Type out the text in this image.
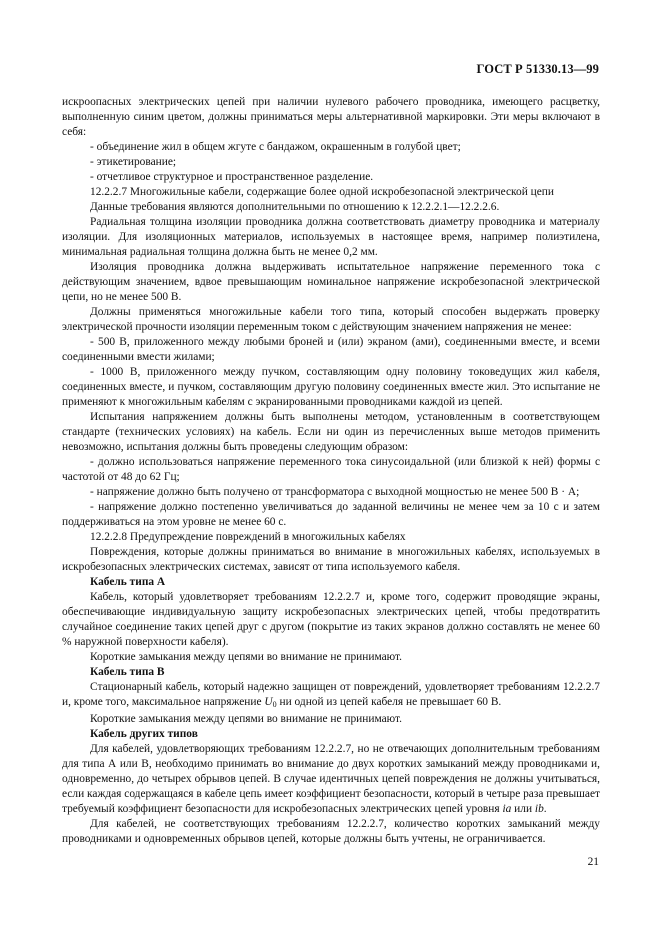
ГОСТ Р 51330.13—99

искроопасных электрических цепей при наличии нулевого рабочего проводника, имеющего расцветку, выполненную синим цветом, должны приниматься меры альтернативной маркировки. Эти меры включают в себя:

- объединение жил в общем жгуте с бандажом, окрашенным в голубой цвет;

- этикетирование;

- отчетливое структурное и пространственное разделение.

12.2.2.7 Многожильные кабели, содержащие более одной искробезопасной электрической цепи

Данные требования являются дополнительными по отношению к 12.2.2.1—12.2.2.6.

Радиальная толщина изоляции проводника должна соответствовать диаметру проводника и материалу изоляции. Для изоляционных материалов, используемых в настоящее время, например полиэтилена, минимальная радиальная толщина должна быть не менее 0,2 мм.

Изоляция проводника должна выдерживать испытательное напряжение переменного тока с действующим значением, вдвое превышающим номинальное напряжение искробезопасной электрической цепи, но не менее 500 В.

Должны применяться многожильные кабели того типа, который способен выдержать проверку электрической прочности изоляции переменным током с действующим значением напряжения не менее:

- 500 В, приложенного между любыми броней и (или) экраном (ами), соединенными вместе, и всеми соединенными вмести жилами;

- 1000 В, приложенного между пучком, составляющим одну половину токоведущих жил кабеля, соединенных вместе, и пучком, составляющим другую половину соединенных вместе жил. Это испытание не применяют к многожильным кабелям с экранированными проводниками каждой из цепей.

Испытания напряжением должны быть выполнены методом, установленным в соответствующем стандарте (технических условиях) на кабель. Если ни один из перечисленных выше методов применить невозможно, испытания должны быть проведены следующим образом:

- должно использоваться напряжение переменного тока синусоидальной (или близкой к ней) формы с частотой от 48 до 62 Гц;

- напряжение должно быть получено от трансформатора с выходной мощностью не менее 500 В · А;

- напряжение должно постепенно увеличиваться до заданной величины не менее чем за 10 с и затем поддерживаться на этом уровне не менее 60 с.

12.2.2.8 Предупреждение повреждений в многожильных кабелях

Повреждения, которые должны приниматься во внимание в многожильных кабелях, используемых в искробезопасных электрических системах, зависят от типа используемого кабеля.

Кабель типа А

Кабель, который удовлетворяет требованиям 12.2.2.7 и, кроме того, содержит проводящие экраны, обеспечивающие индивидуальную защиту искробезопасных электрических цепей, чтобы предотвратить случайное соединение таких цепей друг с другом (покрытие из таких экранов должно составлять не менее 60 % наружной поверхности кабеля).

Короткие замыкания между цепями во внимание не принимают.

Кабель типа В

Стационарный кабель, который надежно защищен от повреждений, удовлетворяет требованиям 12.2.2.7 и, кроме того, максимальное напряжение $U_0$ ни одной из цепей кабеля не превышает 60 В.

Короткие замыкания между цепями во внимание не принимают.

Кабель других типов

Для кабелей, удовлетворяющих требованиям 12.2.2.7, но не отвечающих дополнительным требованиям для типа А или В, необходимо принимать во внимание до двух коротких замыканий между проводниками и, одновременно, до четырех обрывов цепей. В случае идентичных цепей повреждения не должны учитываться, если каждая содержащаяся в кабеле цепь имеет коэффициент безопасности, который в четыре раза превышает требуемый коэффициент безопасности для искробезопасных электрических цепей уровня ia или ib.

Для кабелей, не соответствующих требованиям 12.2.2.7, количество коротких замыканий между проводниками и одновременных обрывов цепей, которые должны быть учтены, не ограничивается.

21
